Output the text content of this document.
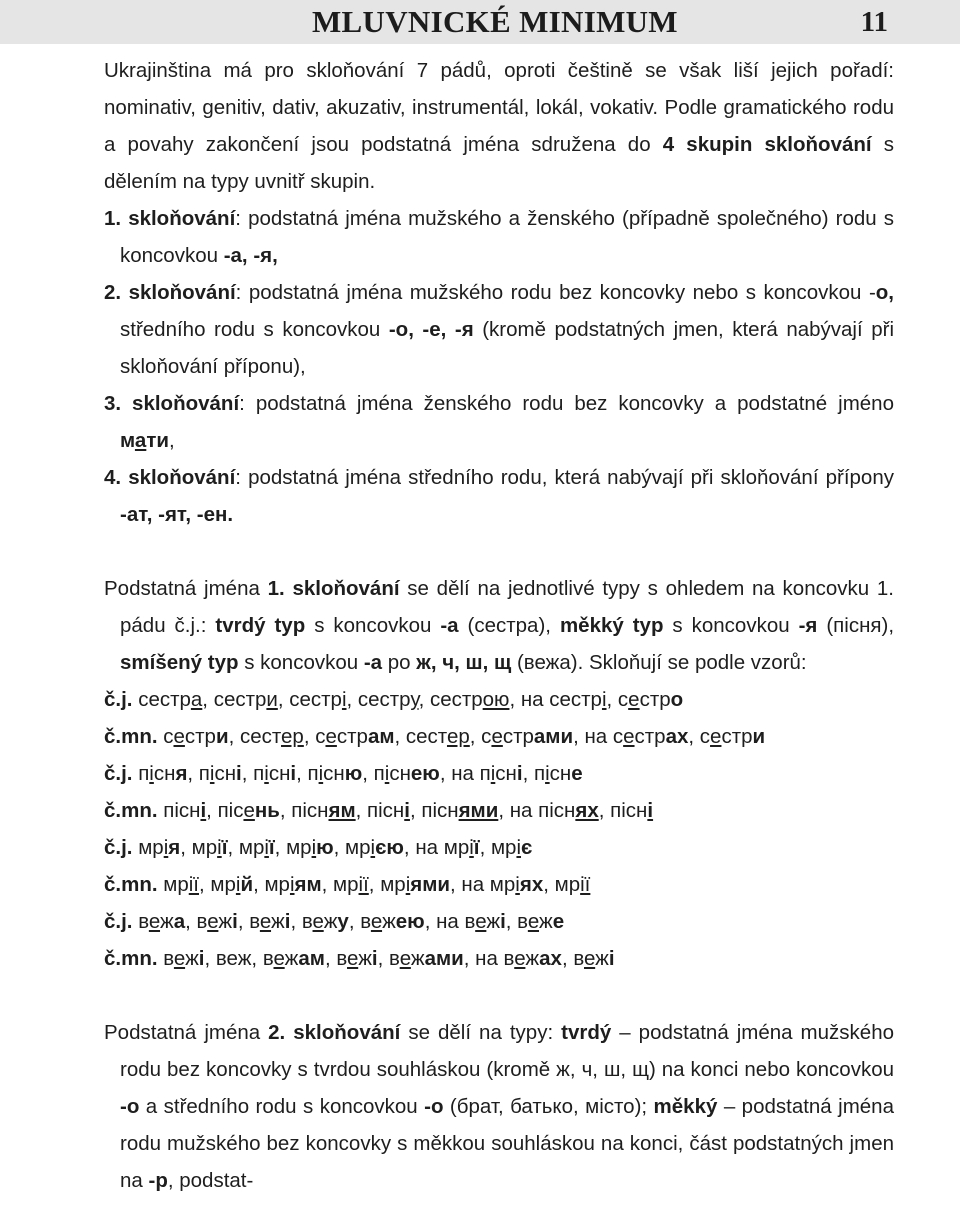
MLUVNICKÉ MINIMUM	11

Ukrajinština má pro skloňování 7 pádů, oproti češtině se však liší jejich pořadí: nominativ, genitiv, dativ, akuzativ, instrumentál, lokál, vokativ. Podle gramatického rodu a povahy zakončení jsou podstatná jména sdružena do 4 skupin skloňování s dělením na typy uvnitř skupin.

1. skloňování: podstatná jména mužského a ženského (případně společného) rodu s koncovkou -а, -я,

2. skloňování: podstatná jména mužského rodu bez koncovky nebo s koncovkou -о, středního rodu s koncovkou -о, -е, -я (kromě podstatných jmen, která nabývají při skloňování příponu),

3. skloňování: podstatná jména ženského rodu bez koncovky a podstatné jméno мати,

4. skloňování: podstatná jména středního rodu, která nabývají při skloňování přípony -ат, -ят, -ен.

Podstatná jména 1. skloňování se dělí na jednotlivé typy s ohledem na koncovku 1. pádu č.j.: tvrdý typ s koncovkou -а (сестра), měkký typ s koncovkou -я (пісня), smíšený typ s koncovkou -а po ж, ч, ш, щ (вежа). Skloňují se podle vzorů:

č.j. сестра, сестри, сестрі, сестру, сестрою, на сестрі, сестро
č.mn. сестри, сестер, сестрам, сестер, сестрами, на сестрах, сестри
č.j. пісня, пісні, пісні, пісню, піснею, на пісні, пісне
č.mn. пісні, пісень, пісням, пісні, піснями, на піснях, пісні
č.j. мрія, мрії, мрії, мрію, мрією, на мрії, мріє
č.mn. мрії, мрій, мріям, мрії, мріями, на мріях, мрії
č.j. вежа, вежі, вежі, вежу, вежею, на вежі, веже
č.mn. вежі, веж, вежам, вежі, вежами, на вежах, вежі

Podstatná jména 2. skloňování se dělí na typy: tvrdý – podstatná jména mužského rodu bez koncovky s tvrdou souhláskou (kromě ж, ч, ш, щ) na konci nebo koncovkou -о a středního rodu s koncovkou -о (брат, батько, місто); měkký – podstatná jména rodu mužského bez koncovky s měkkou souhláskou na konci, část podstatných jmen na -р, podstat-
